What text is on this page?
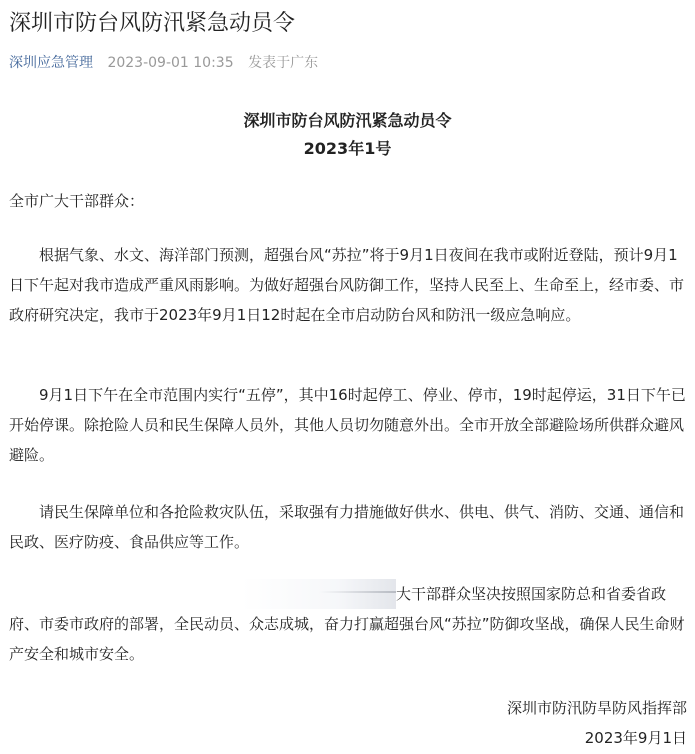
深圳市防台风防汛紧急动员令
深圳应急管理 2023-09-01 10:35 发表于广东
深圳市防台风防汛紧急动员令
2023年1号

全市广大干部群众：

根据气象、水文、海洋部门预测，超强台风“苏拉”将于9月1日夜间在我市或附近登陆，预计9月1日下午起对我市造成严重风雨影响。为做好超强台风防御工作，坚持人民至上、生命至上，经市委、市政府研究决定，我市于2023年9月1日12时起在全市启动防台风和防汛一级应急响应。

9月1日下午在全市范围内实行“五停”，其中16时起停工、停业、停市，19时起停运，31日下午已开始停课。除抢险人员和民生保障人员外，其他人员切勿随意外出。全市开放全部避险场所供群众避风避险。

请民生保障单位和各抢险救灾队伍，采取强有力措施做好供水、供电、供气、消防、交通、通信和民政、医疗防疫、食品供应等工作。

大干部群众坚决按照国家防总和省委省政
府、市委市政府的部署，全民动员、众志成城，奋力打赢超强台风“苏拉”防御攻坚战，确保人民生命财产安全和城市安全。
深圳市防汛防旱防风指挥部
2023年9月1日
